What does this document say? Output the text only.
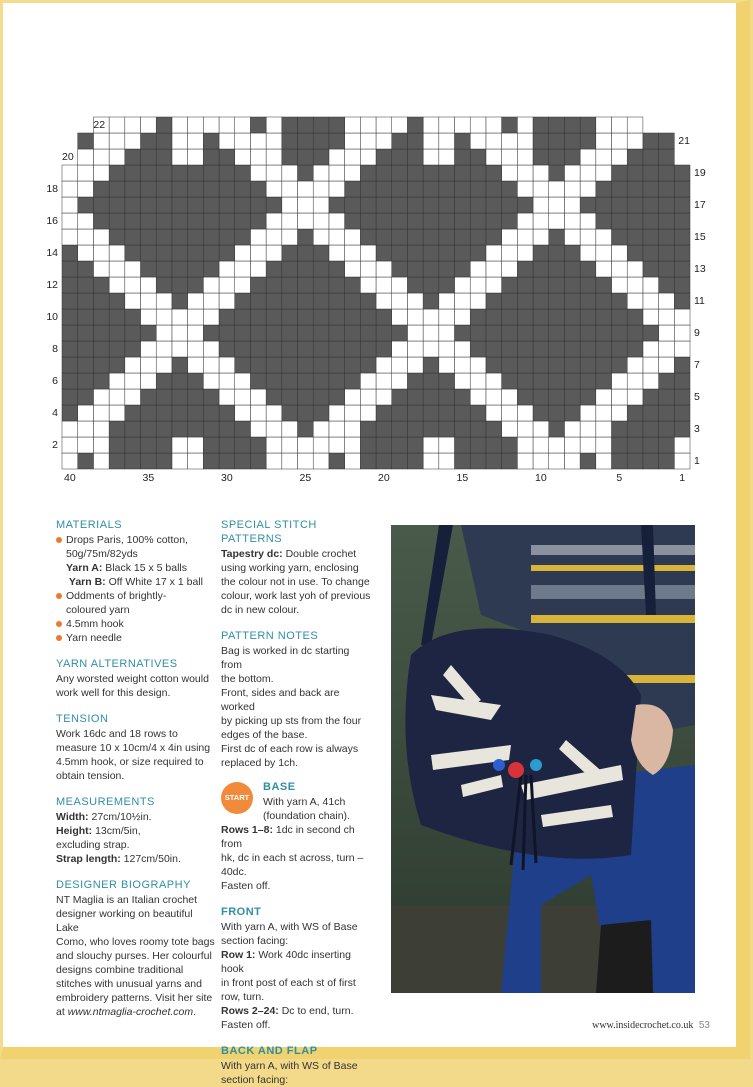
2
4
6
8
10
12
14
16
18
20
22
1
3
5
7
9
11
13
15
17
19
21
40	35	30	25	20	15	10	5	1
MATERIALS
Drops Paris, 100% cotton,
50g/75m/82yds
Yarn A: Black 15 x 5 balls
Yarn B: Off White 17 x 1 ball
Oddments of brightly-
coloured yarn
4.5mm hook
Yarn needle
YARN ALTERNATIVES

Any worsted weight cotton would
work well for this design.

TENSION

Work 16dc and 18 rows to
measure 10 x 10cm/4 x 4in using
4.5mm hook, or size required to
obtain tension.

MEASUREMENTS

Width: 27cm/10½in.
Height: 13cm/5in,
excluding strap.
Strap length: 127cm/50in.

DESIGNER BIOGRAPHY

NT Maglia is an Italian crochet
designer working on beautiful Lake
Como, who loves roomy tote bags
and slouchy purses. Her colourful
designs combine traditional
stitches with unusual yarns and
embroidery patterns. Visit her site
at www.ntmaglia-crochet.com.

SPECIAL STITCH PATTERNS

Tapestry dc: Double crochet
using working yarn, enclosing
the colour not in use. To change
colour, work last yoh of previous
dc in new colour.

PATTERN NOTES

Bag is worked in dc starting from
the bottom.
Front, sides and back are worked
by picking up sts from the four
edges of the base.
First dc of each row is always
replaced by 1ch.

START
BASE
With yarn A, 41ch
(foundation chain).

Rows 1–8: 1dc in second ch from
hk, dc in each st across, turn – 40dc.
Fasten off.

FRONT

With yarn A, with WS of Base
section facing:
Row 1: Work 40dc inserting hook
in front post of each st of first
row, turn.
Rows 2–24: Dc to end, turn.
Fasten off.

BACK AND FLAP

With yarn A, with WS of Base
section facing:

www.insidecrochet.co.uk 53
